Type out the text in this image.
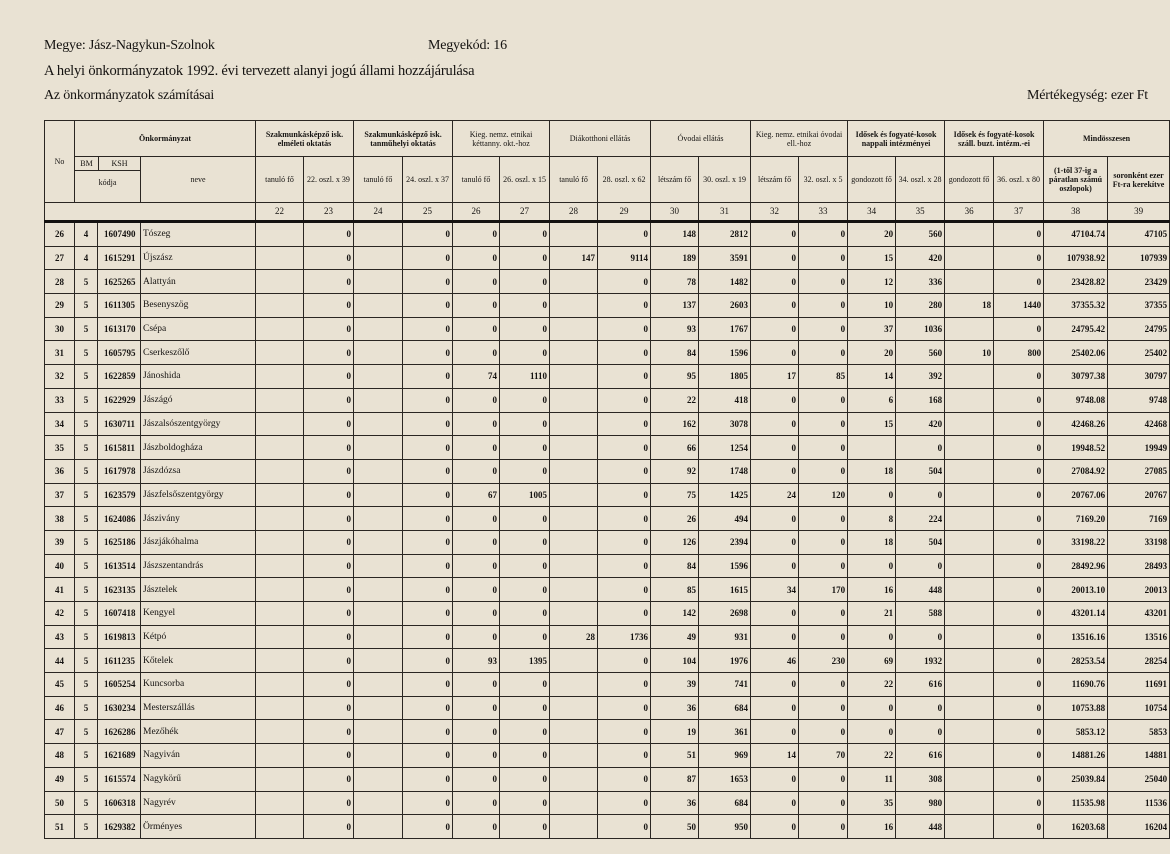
Megye: Jász-Nagykun-Szolnok	Megyekód: 16
A helyi önkormányzatok 1992. évi tervezett alanyi jogú állami hozzájárulása
Az önkormányzatok számításai	Mértékegység: ezer Ft
No	Önkormányzat			Szakmunkásképző isk. elméleti oktatás		Szakmunkásképző isk. tanműhelyi oktatás		Kieg. nemz. etnikai kéttanny. okt.-hoz		Diákotthoni ellátás		Óvodai ellátás		Kieg. nemz. etnikai óvodai ell.-hoz		Idősek és fogyaté-kosok nappali intézményei		Idősek és fogyaté-kosok száll. buzt. intézm.-ei		Mindösszesen	

	BM KSH
kódja		neve	tanuló fő	22. oszl. x 39	tanuló fő	24. oszl. x 37	tanuló fő	26. oszl. x 15	tanuló fő	28. oszl. x 62	létszám fő	30. oszl. x 19	létszám fő	32. oszl. x 5	gondozott fő	34. oszl. x 28	gondozott fő	36. oszl. x 80	(1-től 37-ig a páratlan számú oszlopok)	soronként ezer Ft-ra kerekítve
				22	23	24	25	26	27	28	29	30	31	32	33	34	35	36	37	38	39
26	4	1607490	Tószeg		0		0	0	0		0	148	2812	0	0	20	560		0	47104.74	47105
27	4	1615291	Újszász		0		0	0	0	147	9114	189	3591	0	0	15	420		0	107938.92	107939
28	5	1625265	Alattyán		0		0	0	0		0	78	1482	0	0	12	336		0	23428.82	23429
29	5	1611305	Besenyszög		0		0	0	0		0	137	2603	0	0	10	280	18	1440	37355.32	37355
30	5	1613170	Csépa		0		0	0	0		0	93	1767	0	0	37	1036		0	24795.42	24795
31	5	1605795	Cserkeszőlő		0		0	0	0		0	84	1596	0	0	20	560	10	800	25402.06	25402
32	5	1622859	Jánoshida		0		0	74	1110		0	95	1805	17	85	14	392		0	30797.38	30797
33	5	1622929	Jászágó		0		0	0	0		0	22	418	0	0	6	168		0	9748.08	9748
34	5	1630711	Jászalsószentgyörgy		0		0	0	0		0	162	3078	0	0	15	420		0	42468.26	42468
35	5	1615811	Jászboldogháza		0		0	0	0		0	66	1254	0	0		0		0	19948.52	19949
36	5	1617978	Jászdózsa		0		0	0	0		0	92	1748	0	0	18	504		0	27084.92	27085
37	5	1623579	Jászfelsőszentgyörgy		0		0	67	1005		0	75	1425	24	120	0	0		0	20767.06	20767
38	5	1624086	Jászivány		0		0	0	0		0	26	494	0	0	8	224		0	7169.20	7169
39	5	1625186	Jászjákóhalma		0		0	0	0		0	126	2394	0	0	18	504		0	33198.22	33198
40	5	1613514	Jászszentandrás		0		0	0	0		0	84	1596	0	0	0	0		0	28492.96	28493
41	5	1623135	Jásztelek		0		0	0	0		0	85	1615	34	170	16	448		0	20013.10	20013
42	5	1607418	Kengyel		0		0	0	0		0	142	2698	0	0	21	588		0	43201.14	43201
43	5	1619813	Kétpó		0		0	0	0	28	1736	49	931	0	0	0	0		0	13516.16	13516
44	5	1611235	Kőtelek		0		0	93	1395		0	104	1976	46	230	69	1932		0	28253.54	28254
45	5	1605254	Kuncsorba		0		0	0	0		0	39	741	0	0	22	616		0	11690.76	11691
46	5	1630234	Mesterszállás		0		0	0	0		0	36	684	0	0	0	0		0	10753.88	10754
47	5	1626286	Mezőhék		0		0	0	0		0	19	361	0	0	0	0		0	5853.12	5853
48	5	1621689	Nagyiván		0		0	0	0		0	51	969	14	70	22	616		0	14881.26	14881
49	5	1615574	Nagykörű		0		0	0	0		0	87	1653	0	0	11	308		0	25039.84	25040
50	5	1606318	Nagyrév		0		0	0	0		0	36	684	0	0	35	980		0	11535.98	11536
51	5	1629382	Örményes		0		0	0	0		0	50	950	0	0	16	448		0	16203.68	16204
